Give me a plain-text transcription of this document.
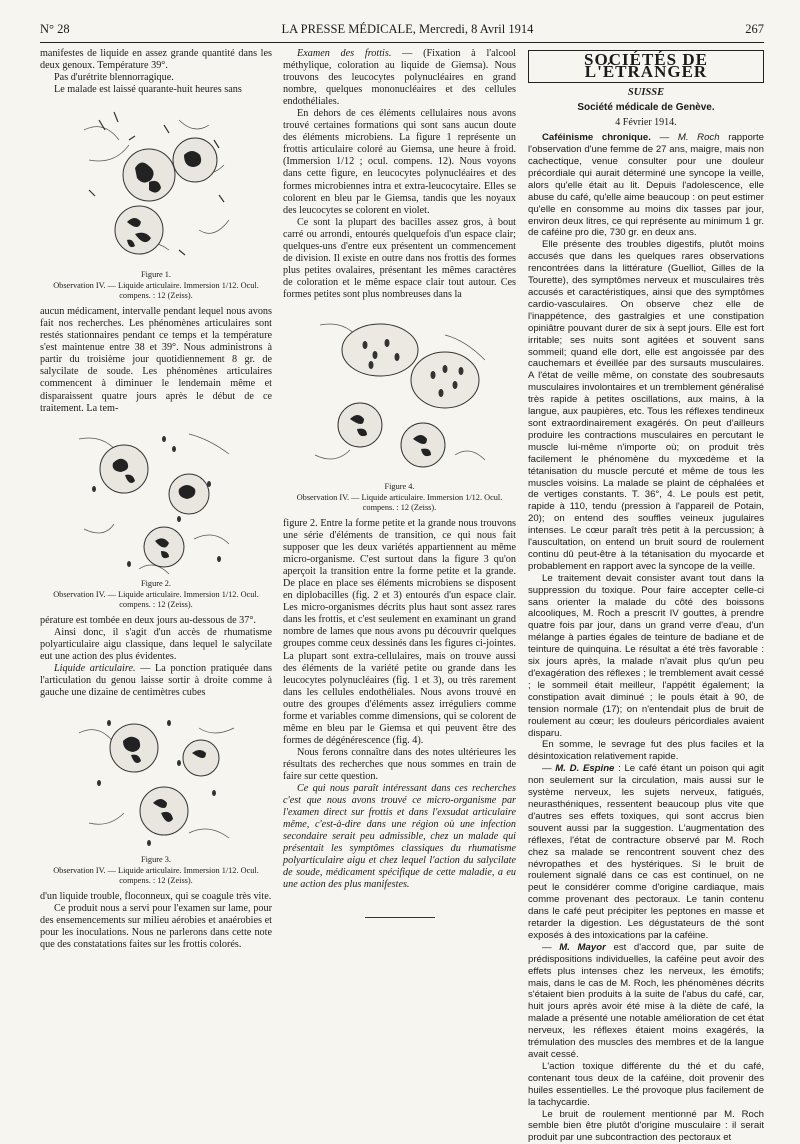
N° 28	LA PRESSE MÉDICALE, Mercredi, 8 Avril 1914	267

manifestes de liquide en assez grande quantité dans les deux genoux. Température 39°.

Pas d'urétrite blennorragique.

Le malade est laissé quarante-huit heures sans

Figure 1.
Observation IV. — Liquide articulaire. Immersion 1/12. Ocul. compens. : 12 (Zeiss).

aucun médicament, intervalle pendant lequel nous avons fait nos recherches. Les phénomènes articulaires sont restés stationnaires pendant ce temps et la température s'est maintenue entre 38 et 39°. Nous administrons à partir du troisième jour quotidiennement 8 gr. de salycilate de soude. Les phénomènes articulaires commencent à diminuer le lendemain même et disparaissent quatre jours après le début de ce traitement. La tem-

Figure 2.
Observation IV. — Liquide articulaire. Immersion 1/12. Ocul. compens. : 12 (Zeiss).

pérature est tombée en deux jours au-dessous de 37°.

Ainsi donc, il s'agit d'un accès de rhumatisme polyarticulaire aigu classique, dans lequel le salycilate eut une action des plus évidentes.

Liquide articulaire. — La ponction pratiquée dans l'articulation du genou laisse sortir à droite comme à gauche une dizaine de centimètres cubes

Figure 3.
Observation IV. — Liquide articulaire. Immersion 1/12. Ocul. compens. : 12 (Zeiss).

d'un liquide trouble, floconneux, qui se coagule très vite.

Ce produit nous a servi pour l'examen sur lame, pour des ensemencements sur milieu aérobies et anaérobies et pour les inoculations. Nous ne parlerons dans cette note que des constatations faites sur les frottis colorés.

Examen des frottis. — (Fixation à l'alcool méthylique, coloration au liquide de Giemsa). Nous trouvons des leucocytes polynucléaires en grand nombre, quelques mononucléaires et des cellules endothéliales.

En dehors de ces éléments cellulaires nous avons trouvé certaines formations qui sont sans aucun doute des éléments microbiens. La figure 1 représente un frottis articulaire coloré au Giemsa, une heure à froid. (Immersion 1/12 ; ocul. compens. 12). Nous voyons dans cette figure, en leucocytes polynucléaires et des formes microbiennes intra et extra-leucocytaire. Elles se colorent en bleu par le Giemsa, tandis que les noyaux des leucocytes se colorent en violet.

Ce sont la plupart des bacilles assez gros, à bout carré ou arrondi, entourés quelquefois d'un espace clair; quelques-uns d'entre eux présentent un commencement de division. Il existe en outre dans nos frottis des formes plus petites ovalaires, présentant les mêmes caractères de coloration et le même espace clair tout autour. Ces formes petites sont plus nombreuses dans la

Figure 4.
Observation IV. — Liquide articulaire. Immersion 1/12. Ocul. compens. : 12 (Zeiss).

figure 2. Entre la forme petite et la grande nous trouvons une série d'éléments de transition, ce qui nous fait supposer que les deux variétés appartiennent au même micro-organisme. C'est surtout dans la figure 3 qu'on aperçoit la transition entre la forme petite et la grande. De place en place ses éléments microbiens se disposent en diplobacilles (fig. 2 et 3) entourés d'un espace clair. Les micro-organismes décrits plus haut sont assez rares dans les frottis, et c'est seulement en examinant un grand nombre de lames que nous avons pu découvrir quelques groupes comme ceux dessinés dans les figures ci-jointes. La plupart sont extra-cellulaires, mais on trouve aussi des éléments de la variété petite ou grande dans les leucocytes polynucléaires (fig. 1 et 3), ou très rarement dans les cellules endothéliales. Nous avons trouvé en outre des groupes d'éléments assez irréguliers comme forme et variables comme dimensions, qui se colorent de même en bleu par le Giemsa et qui peuvent être des formes de dégénérescence (fig. 4).

Nous ferons connaître dans des notes ultérieures les résultats des recherches que nous sommes en train de faire sur cette question.

Ce qui nous paraît intéressant dans ces recherches c'est que nous avons trouvé ce micro-organisme par l'examen direct sur frottis et dans l'exsudat articulaire même, c'est-à-dire dans une région où une infection secondaire serait peu admissible, chez un malade qui présentait les symptômes classiques du rhumatisme polyarticulaire aigu et chez lequel l'action du salycilate de soude, médicament spécifique de cette maladie, a eu une action des plus manifestes.

SOCIÉTÉS DE L'ÉTRANGER
SUISSE
Société médicale de Genève.
4 Février 1914.

Caféinisme chronique. — M. Roch rapporte l'observation d'une femme de 27 ans, maigre, mais non cachectique, venue consulter pour une douleur précordiale qui aurait déterminé une syncope la veille, alors qu'elle était au lit. Depuis l'adolescence, elle abuse du café, qu'elle aime beaucoup : on peut estimer qu'elle en consomme au moins dix tasses par jour, environ deux litres, ce qui représente au minimum 1 gr. de caféine pro die, 730 gr. en deux ans.

Elle présente des troubles digestifs, plutôt moins accusés que dans les quelques rares observations rencontrées dans la littérature (Guelliot, Gilles de la Tourette), des symptômes nerveux et musculaires très accusés et caractéristiques, ainsi que des symptômes cardio-vasculaires. On observe chez elle de l'inappétence, des gastralgies et une constipation opiniâtre pouvant durer de six à sept jours. Elle est fort irritable; ses nuits sont agitées et souvent sans sommeil; quand elle dort, elle est angoissée par des cauchemars et éveillée par des sursauts musculaires. A l'état de veille même, on constate des soubresauts musculaires involontaires et un tremblement généralisé très rapide à petites oscillations, aux mains, à la langue, aux paupières, etc. Tous les réflexes tendineux sont extraordinairement exagérés. On peut d'ailleurs produire les contractions musculaires en percutant le muscle lui-même n'importe où; on produit très facilement le phénomène du myxœdème et la tétanisation du muscle percuté et même de tous les muscles voisins. La malade se plaint de céphalées et de vertiges constants. T. 36°, 4. Le pouls est petit, rapide à 110, tendu (pression à l'appareil de Potain, 20); on entend des souffles veineux jugulaires intenses. Le cœur paraît très petit à la percussion; à l'auscultation, on entend un bruit sourd de roulement continu dû peut-être à la tétanisation du myocarde et probablement en rapport avec la syncope de la veille.

Le traitement devait consister avant tout dans la suppression du toxique. Pour faire accepter celle-ci sans orienter la malade du côté des boissons alcooliques, M. Roch a prescrit IV gouttes, à prendre quatre fois par jour, dans un grand verre d'eau, d'un mélange à parties égales de teinture de badiane et de teinture de quinquina. Le résultat a été très favorable : six jours après, la malade n'avait plus qu'un peu d'exagération des réflexes ; le tremblement avait cessé ; le sommeil était meilleur, l'appétit également; la constipation avait diminué ; le pouls était à 90, de tension normale (17); on n'entendait plus de bruit de roulement au cœur; les douleurs péricordiales avaient disparu.

En somme, le sevrage fut des plus faciles et la désintoxication relativement rapide.

— M. D. Espine : Le café étant un poison qui agit non seulement sur la circulation, mais aussi sur le système nerveux, les sujets nerveux, fatigués, neurasthéniques, ressentent beaucoup plus vite que d'autres ses effets toxiques, qui sont accrus bien souvent aussi par la suggestion. L'augmentation des réflexes, l'état de contracture observé par M. Roch chez sa malade se rencontrent souvent chez des névropathes et des hystériques. Si le bruit de roulement signalé dans ce cas est continuel, on ne peut le considérer comme d'origine cardiaque, mais comme provenant des pectoraux. Le tanin contenu dans le café peut précipiter les peptones en masse et retarder la digestion. Les dégustateurs de thé sont exposés à des intoxications par la caféine.

— M. Mayor est d'accord que, par suite de prédispositions individuelles, la caféine peut avoir des effets plus intenses chez les nerveux, les émotifs; mais, dans le cas de M. Roch, les phénomènes décrits s'étaient bien produits à la suite de l'abus du café, car, huit jours après avoir été mise à la diète de café, la malade a présenté une notable amélioration de cet état nerveux, les réflexes étaient moins exagérés, la trémulation des muscles des membres et de la langue avait cessé.

L'action toxique différente du thé et du café, contenant tous deux de la caféine, doit provenir des huiles essentielles. Le thé provoque plus facilement de la tachycardie.

Le bruit de roulement mentionné par M. Roch semble bien être plutôt d'origine musculaire : il serait produit par une subcontraction des pectoraux et
